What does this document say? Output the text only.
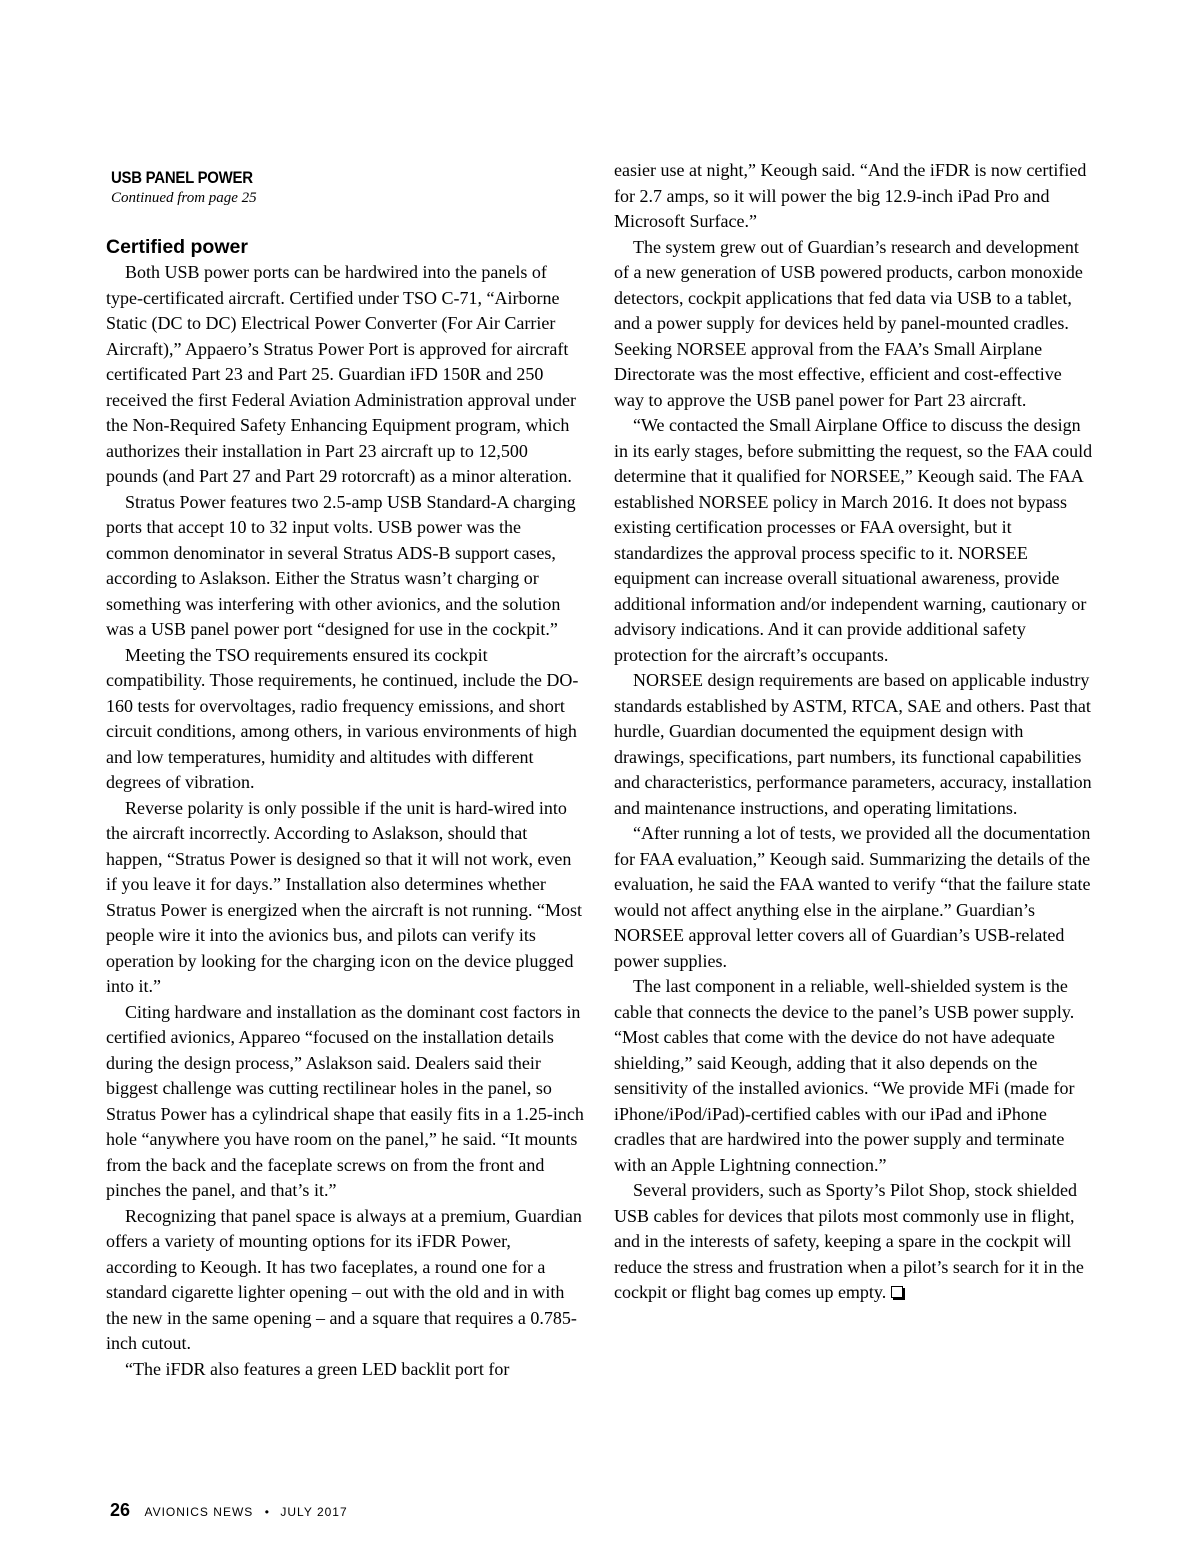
USB PANEL POWER
Continued from page 25
Certified power

Both USB power ports can be hardwired into the panels of type-certificated aircraft. Certified under TSO C-71, “Airborne Static (DC to DC) Electrical Power Converter (For Air Carrier Aircraft),” Appaero’s Stratus Power Port is approved for aircraft certificated Part 23 and Part 25. Guardian iFD 150R and 250 received the first Federal Aviation Administration approval under the Non-Required Safety Enhancing Equipment program, which authorizes their installation in Part 23 aircraft up to 12,500 pounds (and Part 27 and Part 29 rotorcraft) as a minor alteration.

Stratus Power features two 2.5-amp USB Standard-A charging ports that accept 10 to 32 input volts. USB power was the common denominator in several Stratus ADS-B support cases, according to Aslakson. Either the Stratus wasn’t charging or something was interfering with other avionics, and the solution was a USB panel power port “designed for use in the cockpit.”

Meeting the TSO requirements ensured its cockpit compatibility. Those requirements, he continued, include the DO-160 tests for overvoltages, radio frequency emissions, and short circuit conditions, among others, in various environments of high and low temperatures, humidity and altitudes with different degrees of vibration.

Reverse polarity is only possible if the unit is hard-wired into the aircraft incorrectly. According to Aslakson, should that happen, “Stratus Power is designed so that it will not work, even if you leave it for days.” Installation also determines whether Stratus Power is energized when the aircraft is not running. “Most people wire it into the avionics bus, and pilots can verify its operation by looking for the charging icon on the device plugged into it.”

Citing hardware and installation as the dominant cost factors in certified avionics, Appareo “focused on the installation details during the design process,” Aslakson said. Dealers said their biggest challenge was cutting rectilinear holes in the panel, so Stratus Power has a cylindrical shape that easily fits in a 1.25-inch hole “anywhere you have room on the panel,” he said. “It mounts from the back and the faceplate screws on from the front and pinches the panel, and that’s it.”

Recognizing that panel space is always at a premium, Guardian offers a variety of mounting options for its iFDR Power, according to Keough. It has two faceplates, a round one for a standard cigarette lighter opening – out with the old and in with the new in the same opening – and a square that requires a 0.785-inch cutout.

“The iFDR also features a green LED backlit port for

easier use at night,” Keough said. “And the iFDR is now certified for 2.7 amps, so it will power the big 12.9-inch iPad Pro and Microsoft Surface.”

The system grew out of Guardian’s research and development of a new generation of USB powered products, carbon monoxide detectors, cockpit applications that fed data via USB to a tablet, and a power supply for devices held by panel-mounted cradles. Seeking NORSEE approval from the FAA’s Small Airplane Directorate was the most effective, efficient and cost-effective way to approve the USB panel power for Part 23 aircraft.

“We contacted the Small Airplane Office to discuss the design in its early stages, before submitting the request, so the FAA could determine that it qualified for NORSEE,” Keough said. The FAA established NORSEE policy in March 2016. It does not bypass existing certification processes or FAA oversight, but it standardizes the approval process specific to it. NORSEE equipment can increase overall situational awareness, provide additional information and/or independent warning, cautionary or advisory indications. And it can provide additional safety protection for the aircraft’s occupants.

NORSEE design requirements are based on applicable industry standards established by ASTM, RTCA, SAE and others. Past that hurdle, Guardian documented the equipment design with drawings, specifications, part numbers, its functional capabilities and characteristics, performance parameters, accuracy, installation and maintenance instructions, and operating limitations.

“After running a lot of tests, we provided all the documentation for FAA evaluation,” Keough said. Summarizing the details of the evaluation, he said the FAA wanted to verify “that the failure state would not affect anything else in the airplane.” Guardian’s NORSEE approval letter covers all of Guardian’s USB-related power supplies.

The last component in a reliable, well-shielded system is the cable that connects the device to the panel’s USB power supply. “Most cables that come with the device do not have adequate shielding,” said Keough, adding that it also depends on the sensitivity of the installed avionics. “We provide MFi (made for iPhone/iPod/iPad)-certified cables with our iPad and iPhone cradles that are hardwired into the power supply and terminate with an Apple Lightning connection.”

Several providers, such as Sporty’s Pilot Shop, stock shielded USB cables for devices that pilots most commonly use in flight, and in the interests of safety, keeping a spare in the cockpit will reduce the stress and frustration when a pilot’s search for it in the cockpit or flight bag comes up empty.

26 AVIONICS NEWS • JULY 2017
